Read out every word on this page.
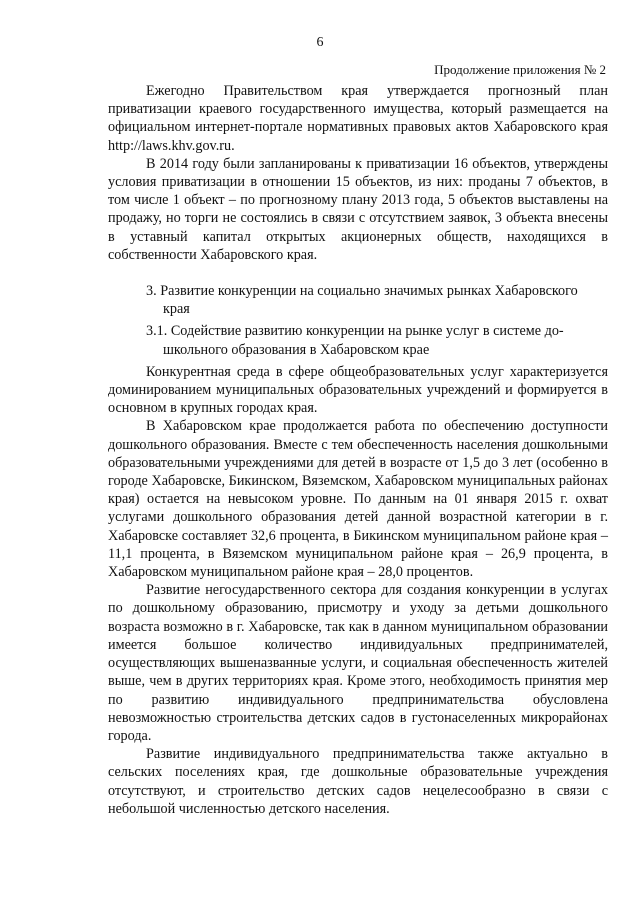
6
Продолжение приложения № 2

Ежегодно Правительством края утверждается прогнозный план приватизации краевого государственного имущества, который размещается на официальном интернет-портале нормативных правовых актов Хабаровского края http://laws.khv.gov.ru.

В 2014 году были запланированы к приватизации 16 объектов, утверждены условия приватизации в отношении 15 объектов, из них: проданы 7 объектов, в том числе 1 объект – по прогнозному плану 2013 года, 5 объектов выставлены на продажу, но торги не состоялись в связи с отсутствием заявок, 3 объекта внесены в уставный капитал открытых акционерных обществ, находящихся в собственности Хабаровского края.

3. Развитие конкуренции на социально значимых рынках Хабаровского
края

3.1. Содействие развитию конкуренции на рынке услуг в системе до-
школьного образования в Хабаровском крае

Конкурентная среда в сфере общеобразовательных услуг характеризуется доминированием муниципальных образовательных учреждений и формируется в основном в крупных городах края.

В Хабаровском крае продолжается работа по обеспечению доступности дошкольного образования. Вместе с тем обеспеченность населения дошкольными образовательными учреждениями для детей в возрасте от 1,5 до 3 лет (особенно в городе Хабаровске, Бикинском, Вяземском, Хабаровском муниципальных районах края) остается на невысоком уровне. По данным на 01 января 2015 г. охват услугами дошкольного образования детей данной возрастной категории в г. Хабаровске составляет 32,6 процента, в Бикинском муниципальном районе края – 11,1 процента, в Вяземском муниципальном районе края – 26,9 процента, в Хабаровском муниципальном районе края – 28,0 процентов.

Развитие негосударственного сектора для создания конкуренции в услугах по дошкольному образованию, присмотру и уходу за детьми дошкольного возраста возможно в г. Хабаровске, так как в данном муниципальном образовании имеется большое количество индивидуальных предпринимателей, осуществляющих вышеназванные услуги, и социальная обеспеченность жителей выше, чем в других территориях края. Кроме этого, необходимость принятия мер по развитию индивидуального предпринимательства обусловлена невозможностью строительства детских садов в густонаселенных микрорайонах города.

Развитие индивидуального предпринимательства также актуально в сельских поселениях края, где дошкольные образовательные учреждения отсутствуют, и строительство детских садов нецелесообразно в связи с небольшой численностью детского населения.
